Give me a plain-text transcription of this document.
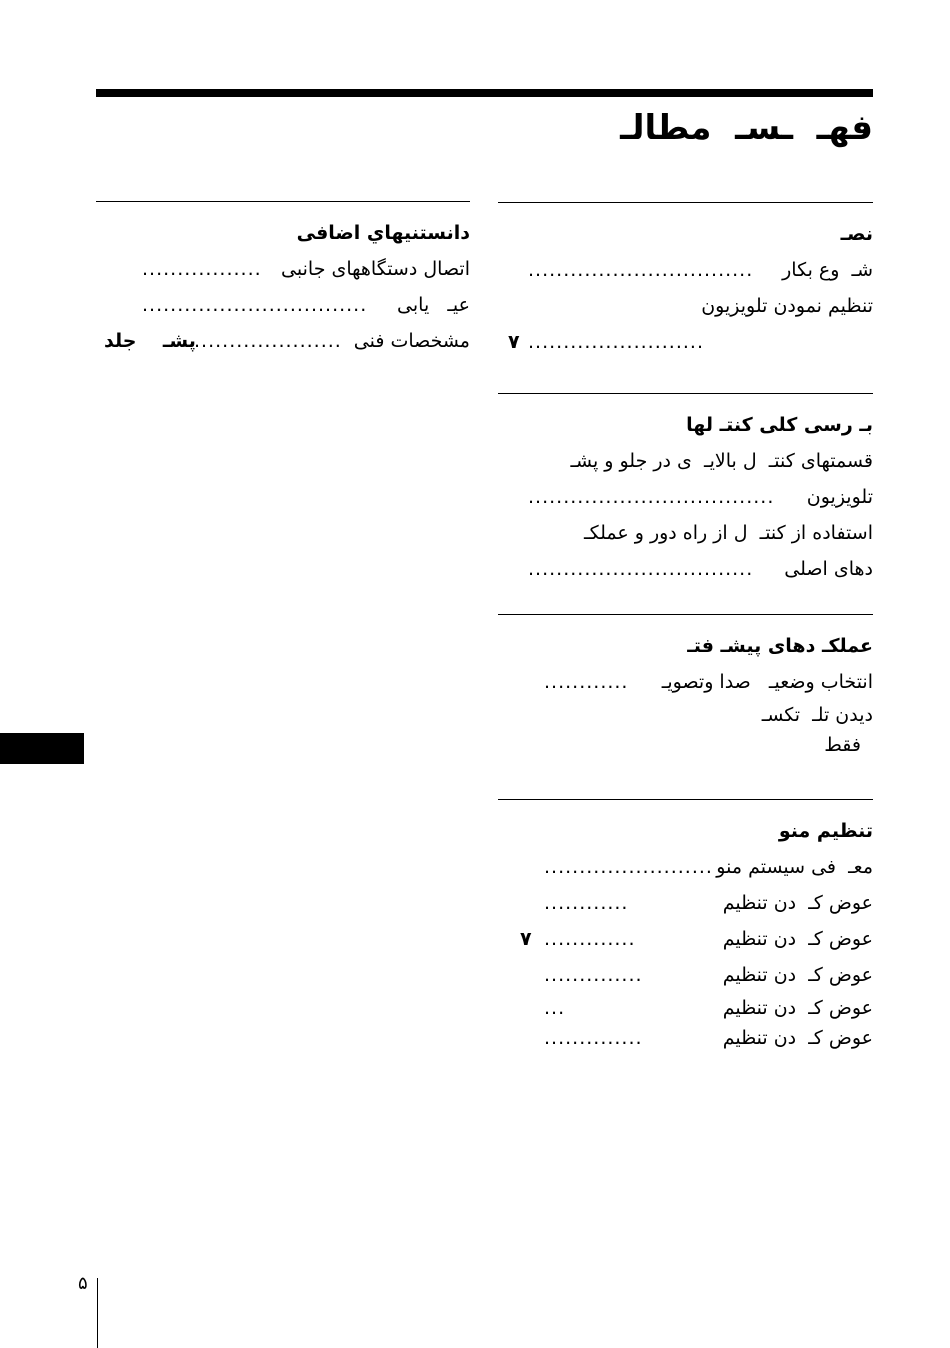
فهـ  ـسـ  مطالـ
نصـ
شـ  وع بكار
................................
تنظيم نمودن تلويزيون
.........................
۷
بـ رسى كلى كنتـ لها
قسمتهاى كنتـ  ل بالايـ  ى در جلو و پشـ
تلويزيون
...................................
استفاده از كنتـ  ل از راه دور و عملكـ
دهاى اصلى
................................
عملكـ دهاى پيشـ فتـ
انتخاب وضعيـ   صدا وتصويـ
............
ديدن تلـ  تكسـ
فقط
تنظيم منو
معـ  فى سيستم منو
........................
عوض كـ  دن تنظيم
............
عوض كـ  دن تنظيم
.............
۷
عوض كـ  دن تنظيم
..............
عوض كـ  دن تنظيم
...
عوض كـ  دن تنظيم
..............
دانستنيهاي اضافى
اتصال دستگاههاى جانبى
.................
عيـ   يابى
................................
مشخصات فنى
.....................
پشـ    جلد
۵
